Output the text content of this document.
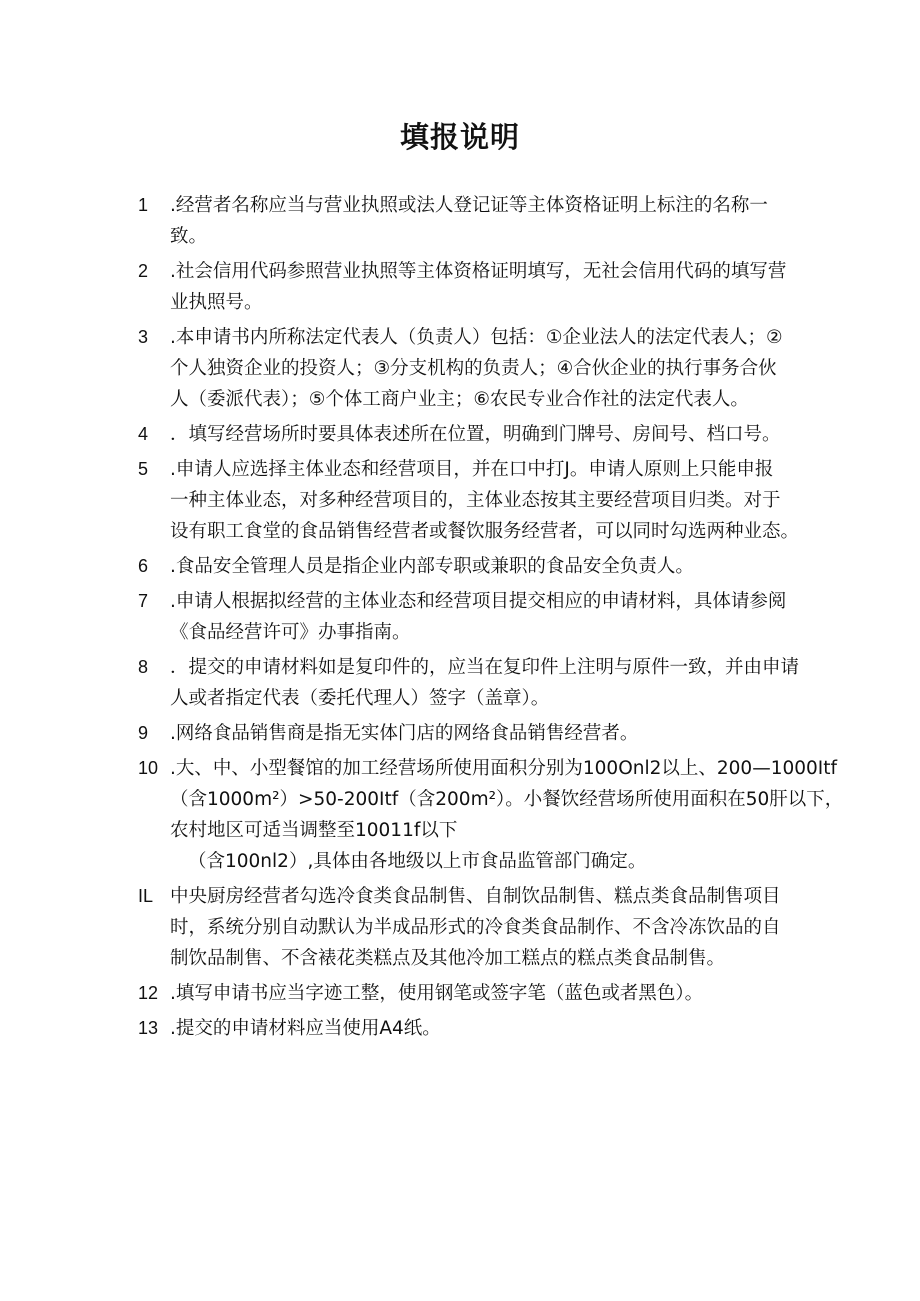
填报说明
1 .经营者名称应当与营业执照或法人登记证等主体资格证明上标注的名称一
致。
2 .社会信用代码参照营业执照等主体资格证明填写，无社会信用代码的填写营
业执照号。
3 .本申请书内所称法定代表人（负责人）包括：①企业法人的法定代表人；②
个人独资企业的投资人；③分支机构的负责人；④合伙企业的执行事务合伙
人（委派代表）；⑤个体工商户业主；⑥农民专业合作社的法定代表人。
4 ．填写经营场所时要具体表述所在位置，明确到门牌号、房间号、档口号。
5 .申请人应选择主体业态和经营项目，并在口中打J。申请人原则上只能申报
一种主体业态，对多种经营项目的，主体业态按其主要经营项目归类。对于
设有职工食堂的食品销售经营者或餐饮服务经营者，可以同时勾选两种业态。
6 .食品安全管理人员是指企业内部专职或兼职的食品安全负责人。
7 .申请人根据拟经营的主体业态和经营项目提交相应的申请材料，具体请参阅
《食品经营许可》办事指南。
8 ．提交的申请材料如是复印件的，应当在复印件上注明与原件一致，并由申请
人或者指定代表（委托代理人）签字（盖章）。
9 .网络食品销售商是指无实体门店的网络食品销售经营者。
10 .大、中、小型餐馆的加工经营场所使用面积分别为100Onl2以上、200—1000Itf
（含1000m²）>50-200Itf（含200m²）。小餐饮经营场所使用面积在50肝以下，
农村地区可适当调整至10011f以下
（含100nl2）,具体由各地级以上市食品监管部门确定。
IL 中央厨房经营者勾选冷食类食品制售、自制饮品制售、糕点类食品制售项目
时，系统分别自动默认为半成品形式的冷食类食品制作、不含冷冻饮品的自
制饮品制售、不含裱花类糕点及其他冷加工糕点的糕点类食品制售。
12 .填写申请书应当字迹工整，使用钢笔或签字笔（蓝色或者黑色）。
13 .提交的申请材料应当使用A4纸。
